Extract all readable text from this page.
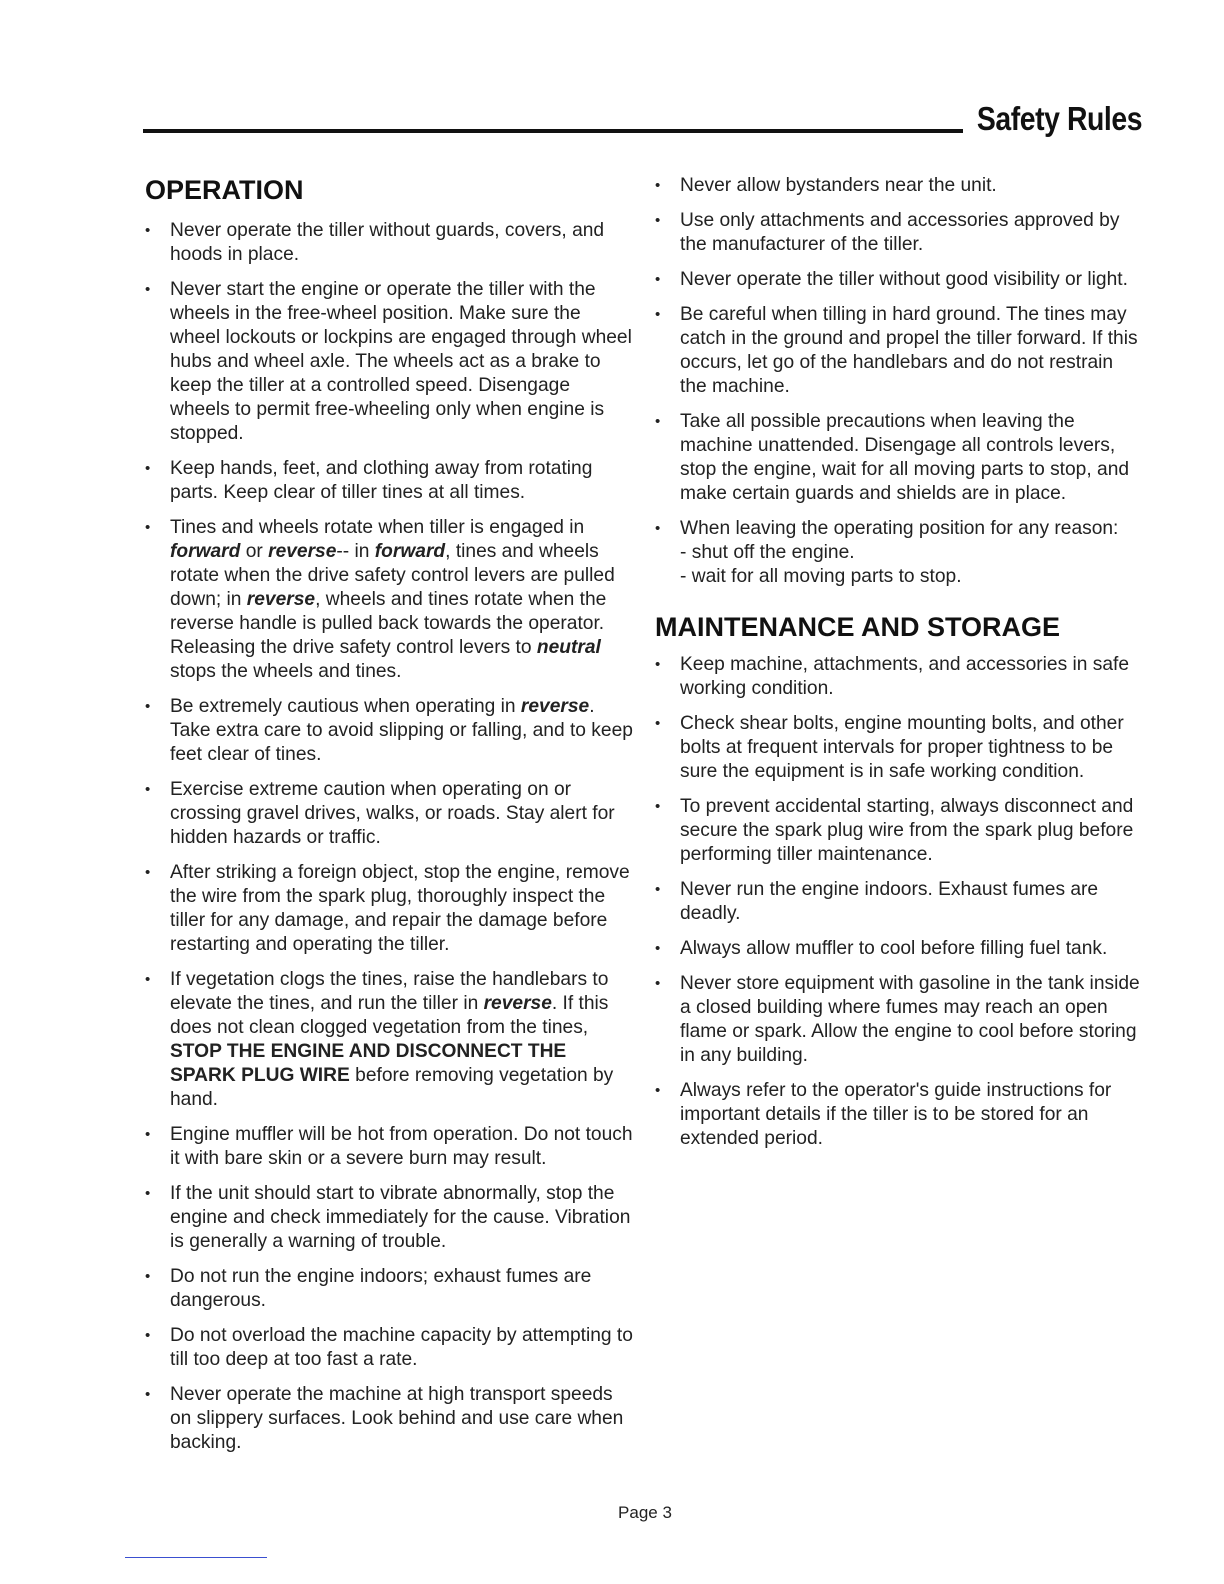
Safety Rules
OPERATION
• Never operate the tiller without guards, covers, and hoods in place.
• Never start the engine or operate the tiller with the wheels in the free-wheel position. Make sure the wheel lockouts or lockpins are engaged through wheel hubs and wheel axle. The wheels act as a brake to keep the tiller at a controlled speed. Disengage wheels to permit free-wheeling only when engine is stopped.
• Keep hands, feet, and clothing away from rotating parts. Keep clear of tiller tines at all times.
• Tines and wheels rotate when tiller is engaged in forward or reverse-- in forward, tines and wheels rotate when the drive safety control levers are pulled down; in reverse, wheels and tines rotate when the reverse handle is pulled back towards the operator. Releasing the drive safety control levers to neutral stops the wheels and tines.
• Be extremely cautious when operating in reverse. Take extra care to avoid slipping or falling, and to keep feet clear of tines.
• Exercise extreme caution when operating on or crossing gravel drives, walks, or roads. Stay alert for hidden hazards or traffic.
• After striking a foreign object, stop the engine, remove the wire from the spark plug, thoroughly inspect the tiller for any damage, and repair the damage before restarting and operating the tiller.
• If vegetation clogs the tines, raise the handlebars to elevate the tines, and run the tiller in reverse. If this does not clean clogged vegetation from the tines, STOP THE ENGINE AND DISCONNECT THE SPARK PLUG WIRE before removing vegetation by hand.
• Engine muffler will be hot from operation. Do not touch it with bare skin or a severe burn may result.
• If the unit should start to vibrate abnormally, stop the engine and check immediately for the cause. Vibration is generally a warning of trouble.
• Do not run the engine indoors; exhaust fumes are dangerous.
• Do not overload the machine capacity by attempting to till too deep at too fast a rate.
• Never operate the machine at high transport speeds on slippery surfaces. Look behind and use care when backing.
• Never allow bystanders near the unit.
• Use only attachments and accessories approved by the manufacturer of the tiller.
• Never operate the tiller without good visibility or light.
• Be careful when tilling in hard ground. The tines may catch in the ground and propel the tiller forward. If this occurs, let go of the handlebars and do not restrain the machine.
• Take all possible precautions when leaving the machine unattended. Disengage all controls levers, stop the engine, wait for all moving parts to stop, and make certain guards and shields are in place.
• When leaving the operating position for any reason:
- shut off the engine.
- wait for all moving parts to stop.
MAINTENANCE AND STORAGE
• Keep machine, attachments, and accessories in safe working condition.
• Check shear bolts, engine mounting bolts, and other bolts at frequent intervals for proper tightness to be sure the equipment is in safe working condition.
• To prevent accidental starting, always disconnect and secure the spark plug wire from the spark plug before performing tiller maintenance.
• Never run the engine indoors. Exhaust fumes are deadly.
• Always allow muffler to cool before filling fuel tank.
• Never store equipment with gasoline in the tank inside a closed building where fumes may reach an open flame or spark. Allow the engine to cool before storing in any building.
• Always refer to the operator's guide instructions for important details if the tiller is to be stored for an extended period.
Page 3
